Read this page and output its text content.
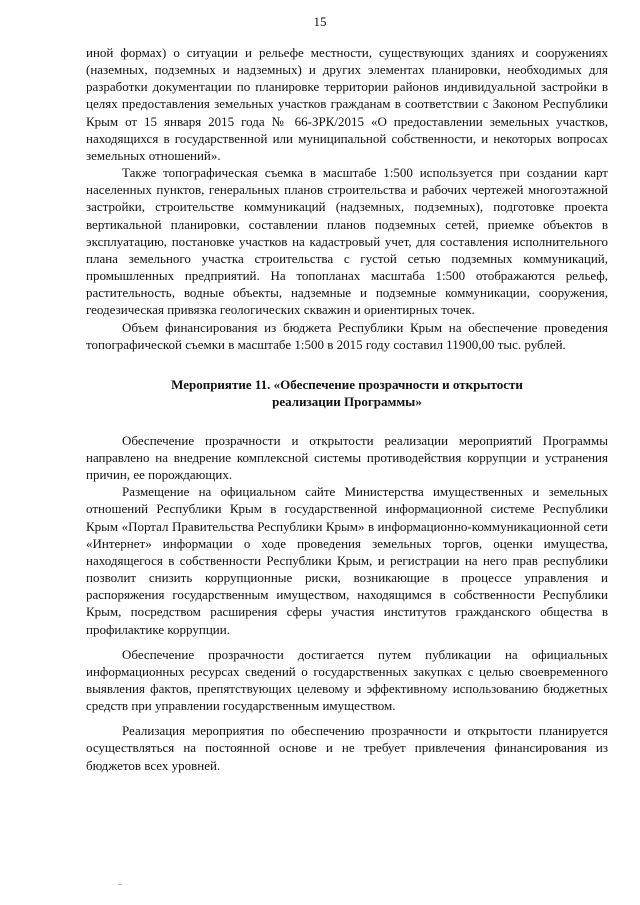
15

иной формах) о ситуации и рельефе местности, существующих зданиях и сооружениях (наземных, подземных и надземных) и других элементах планировки, необходимых для разработки документации по планировке территории районов индивидуальной застройки в целях предоставления земельных участков гражданам в соответствии с Законом Республики Крым от 15 января 2015 года № 66-ЗРК/2015 «О предоставлении земельных участков, находящихся в государственной или муниципальной собственности, и некоторых вопросах земельных отношений».

Также топографическая съемка в масштабе 1:500 используется при создании карт населенных пунктов, генеральных планов строительства и рабочих чертежей многоэтажной застройки, строительстве коммуникаций (надземных, подземных), подготовке проекта вертикальной планировки, составлении планов подземных сетей, приемке объектов в эксплуатацию, постановке участков на кадастровый учет, для составления исполнительного плана земельного участка строительства с густой сетью подземных коммуникаций, промышленных предприятий. На топопланах масштаба 1:500 отображаются рельеф, растительность, водные объекты, надземные и подземные коммуникации, сооружения, геодезическая привязка геологических скважин и ориентирных точек.

Объем финансирования из бюджета Республики Крым на обеспечение проведения топографической съемки в масштабе 1:500 в 2015 году составил 11900,00 тыс. рублей.

Мероприятие 11. «Обеспечение прозрачности и открытости
реализации Программы»

Обеспечение прозрачности и открытости реализации мероприятий Программы направлено на внедрение комплексной системы противодействия коррупции и устранения причин, ее порождающих.

Размещение на официальном сайте Министерства имущественных и земельных отношений Республики Крым в государственной информационной системе Республики Крым «Портал Правительства Республики Крым» в информационно-коммуникационной сети «Интернет» информации о ходе проведения земельных торгов, оценки имущества, находящегося в собственности Республики Крым, и регистрации на него прав республики позволит снизить коррупционные риски, возникающие в процессе управления и распоряжения государственным имуществом, находящимся в собственности Республики Крым, посредством расширения сферы участия институтов гражданского общества в профилактике коррупции.

Обеспечение прозрачности достигается путем публикации на официальных информационных ресурсах сведений о государственных закупках с целью своевременного выявления фактов, препятствующих целевому и эффективному использованию бюджетных средств при управлении государственным имуществом.

Реализация мероприятия по обеспечению прозрачности и открытости планируется осуществляться на постоянной основе и не требует привлечения финансирования из бюджетов всех уровней.
